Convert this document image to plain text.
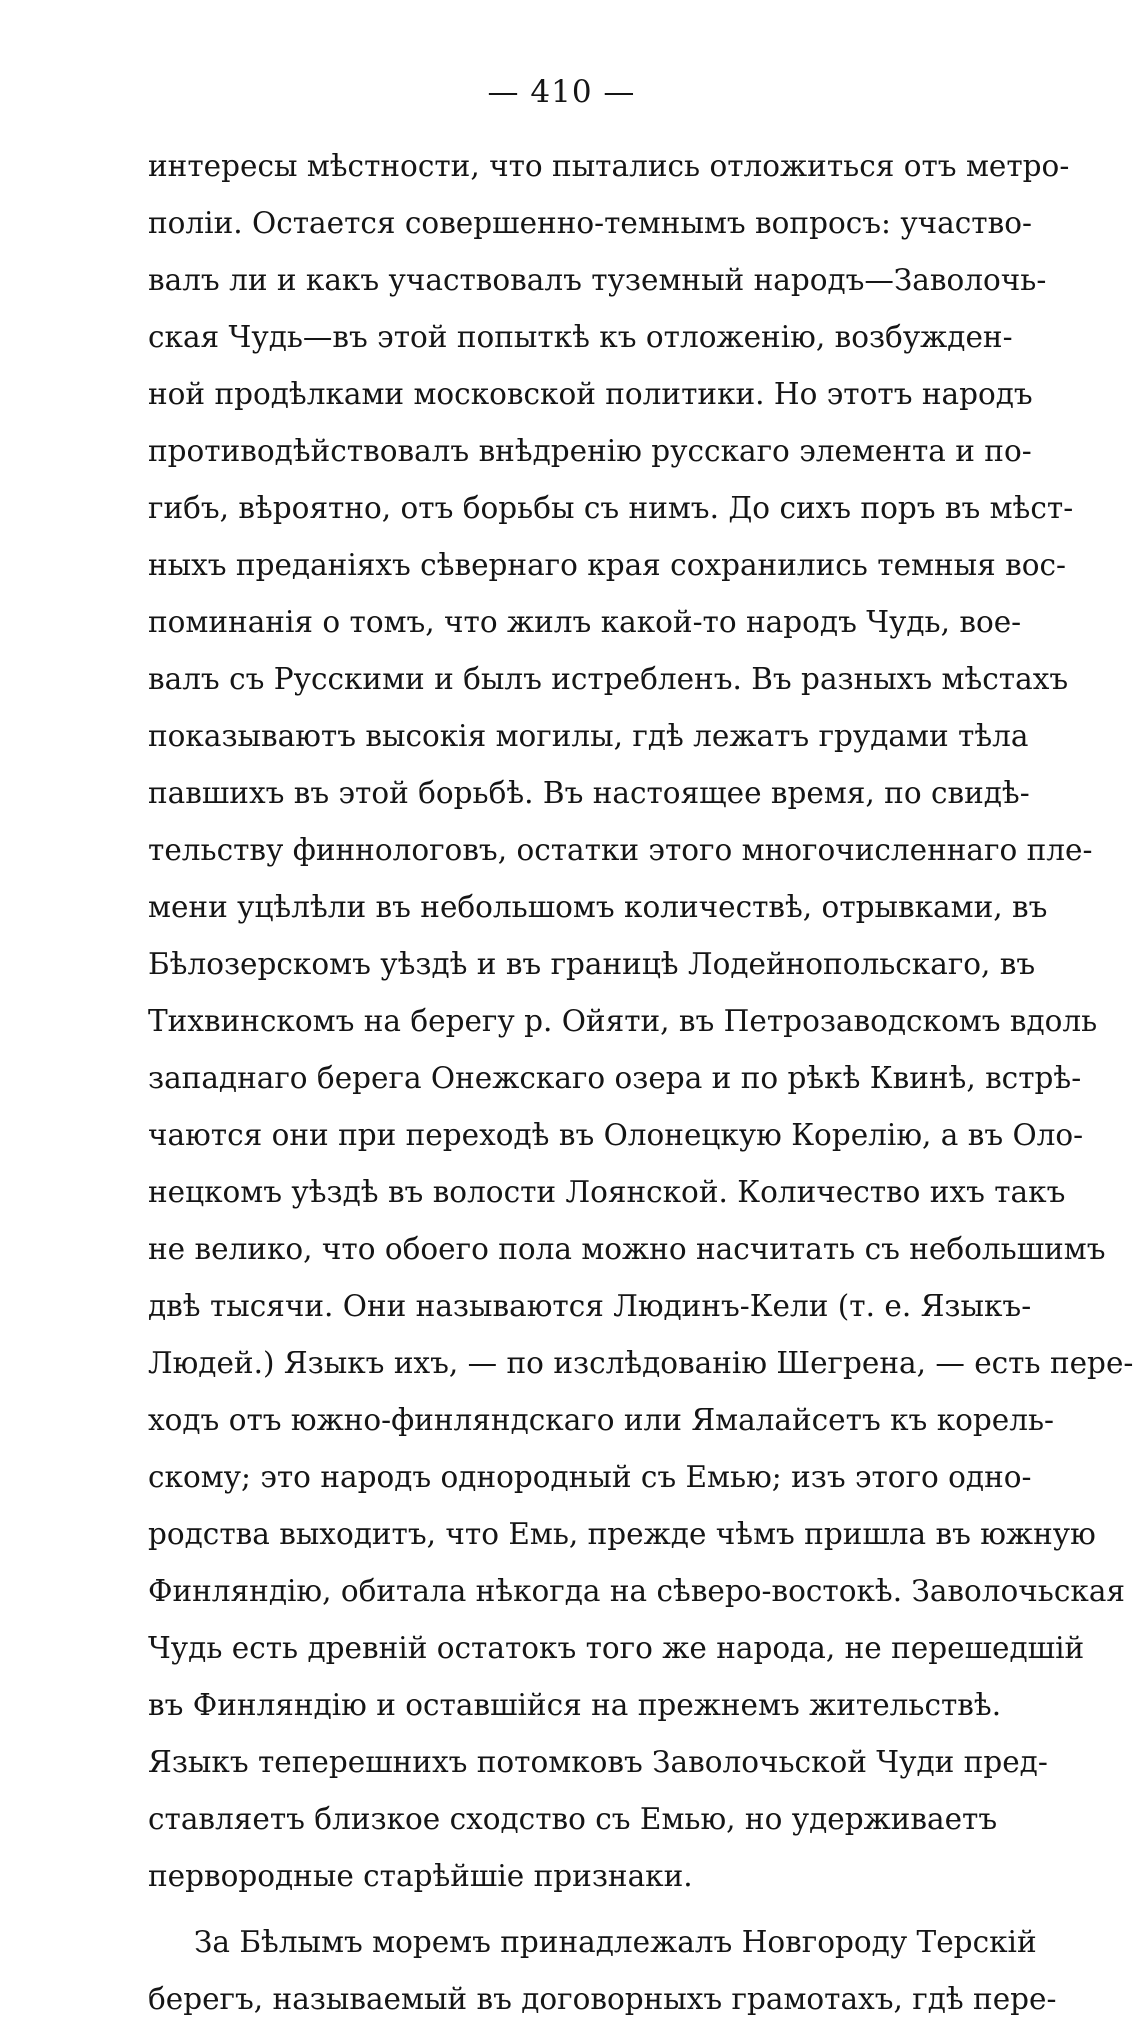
— 410 —
интересы мѣстности, что пытались отложиться отъ метро-
поліи. Остается совершенно-темнымъ вопросъ: участво-
валъ ли и какъ участвовалъ туземный народъ—Заволочь-
ская Чудь—въ этой попыткѣ къ отложенію, возбужден-
ной продѣлками московской политики. Но этотъ народъ
противодѣйствовалъ внѣдренію русскаго элемента и по-
гибъ, вѣроятно, отъ борьбы съ нимъ. До сихъ поръ въ мѣст-
ныхъ преданіяхъ сѣвернаго края сохранились темныя вос-
поминанія о томъ, что жилъ какой-то народъ Чудь, вое-
валъ съ Русскими и былъ истребленъ. Въ разныхъ мѣстахъ
показываютъ высокія могилы, гдѣ лежатъ грудами тѣла
павшихъ въ этой борьбѣ. Въ настоящее время, по свидѣ-
тельству финнологовъ, остатки этого многочисленнаго пле-
мени уцѣлѣли въ небольшомъ количествѣ, отрывками, въ
Бѣлозерскомъ уѣздѣ и въ границѣ Лодейнопольскаго, въ
Тихвинскомъ на берегу р. Ойяти, въ Петрозаводскомъ вдоль
западнаго берега Онежскаго озера и по рѣкѣ Квинѣ, встрѣ-
чаются они при переходѣ въ Олонецкую Корелію, а въ Оло-
нецкомъ уѣздѣ въ волости Лоянской. Количество ихъ такъ
не велико, что обоего пола можно насчитать съ небольшимъ
двѣ тысячи. Они называются Людинъ-Кели (т. е. Языкъ-
Людей.) Языкъ ихъ, — по изслѣдованію Шегрена, — есть пере-
ходъ отъ южно-финляндскаго или Ямалайсетъ къ корель-
скому; это народъ однородный съ Емью; изъ этого одно-
родства выходитъ, что Емь, прежде чѣмъ пришла въ южную
Финляндію, обитала нѣкогда на сѣверо-востокѣ. Заволочьская
Чудь есть древній остатокъ того же народа, не перешедшій
въ Финляндію и оставшійся на прежнемъ жительствѣ.
Языкъ теперешнихъ потомковъ Заволочьской Чуди пред-
ставляетъ близкое сходство съ Емью, но удерживаетъ
первородные старѣйшіе признаки.
За Бѣлымъ моремъ принадлежалъ Новгороду Терскій
берегъ, называемый въ договорныхъ грамотахъ, гдѣ пере-
